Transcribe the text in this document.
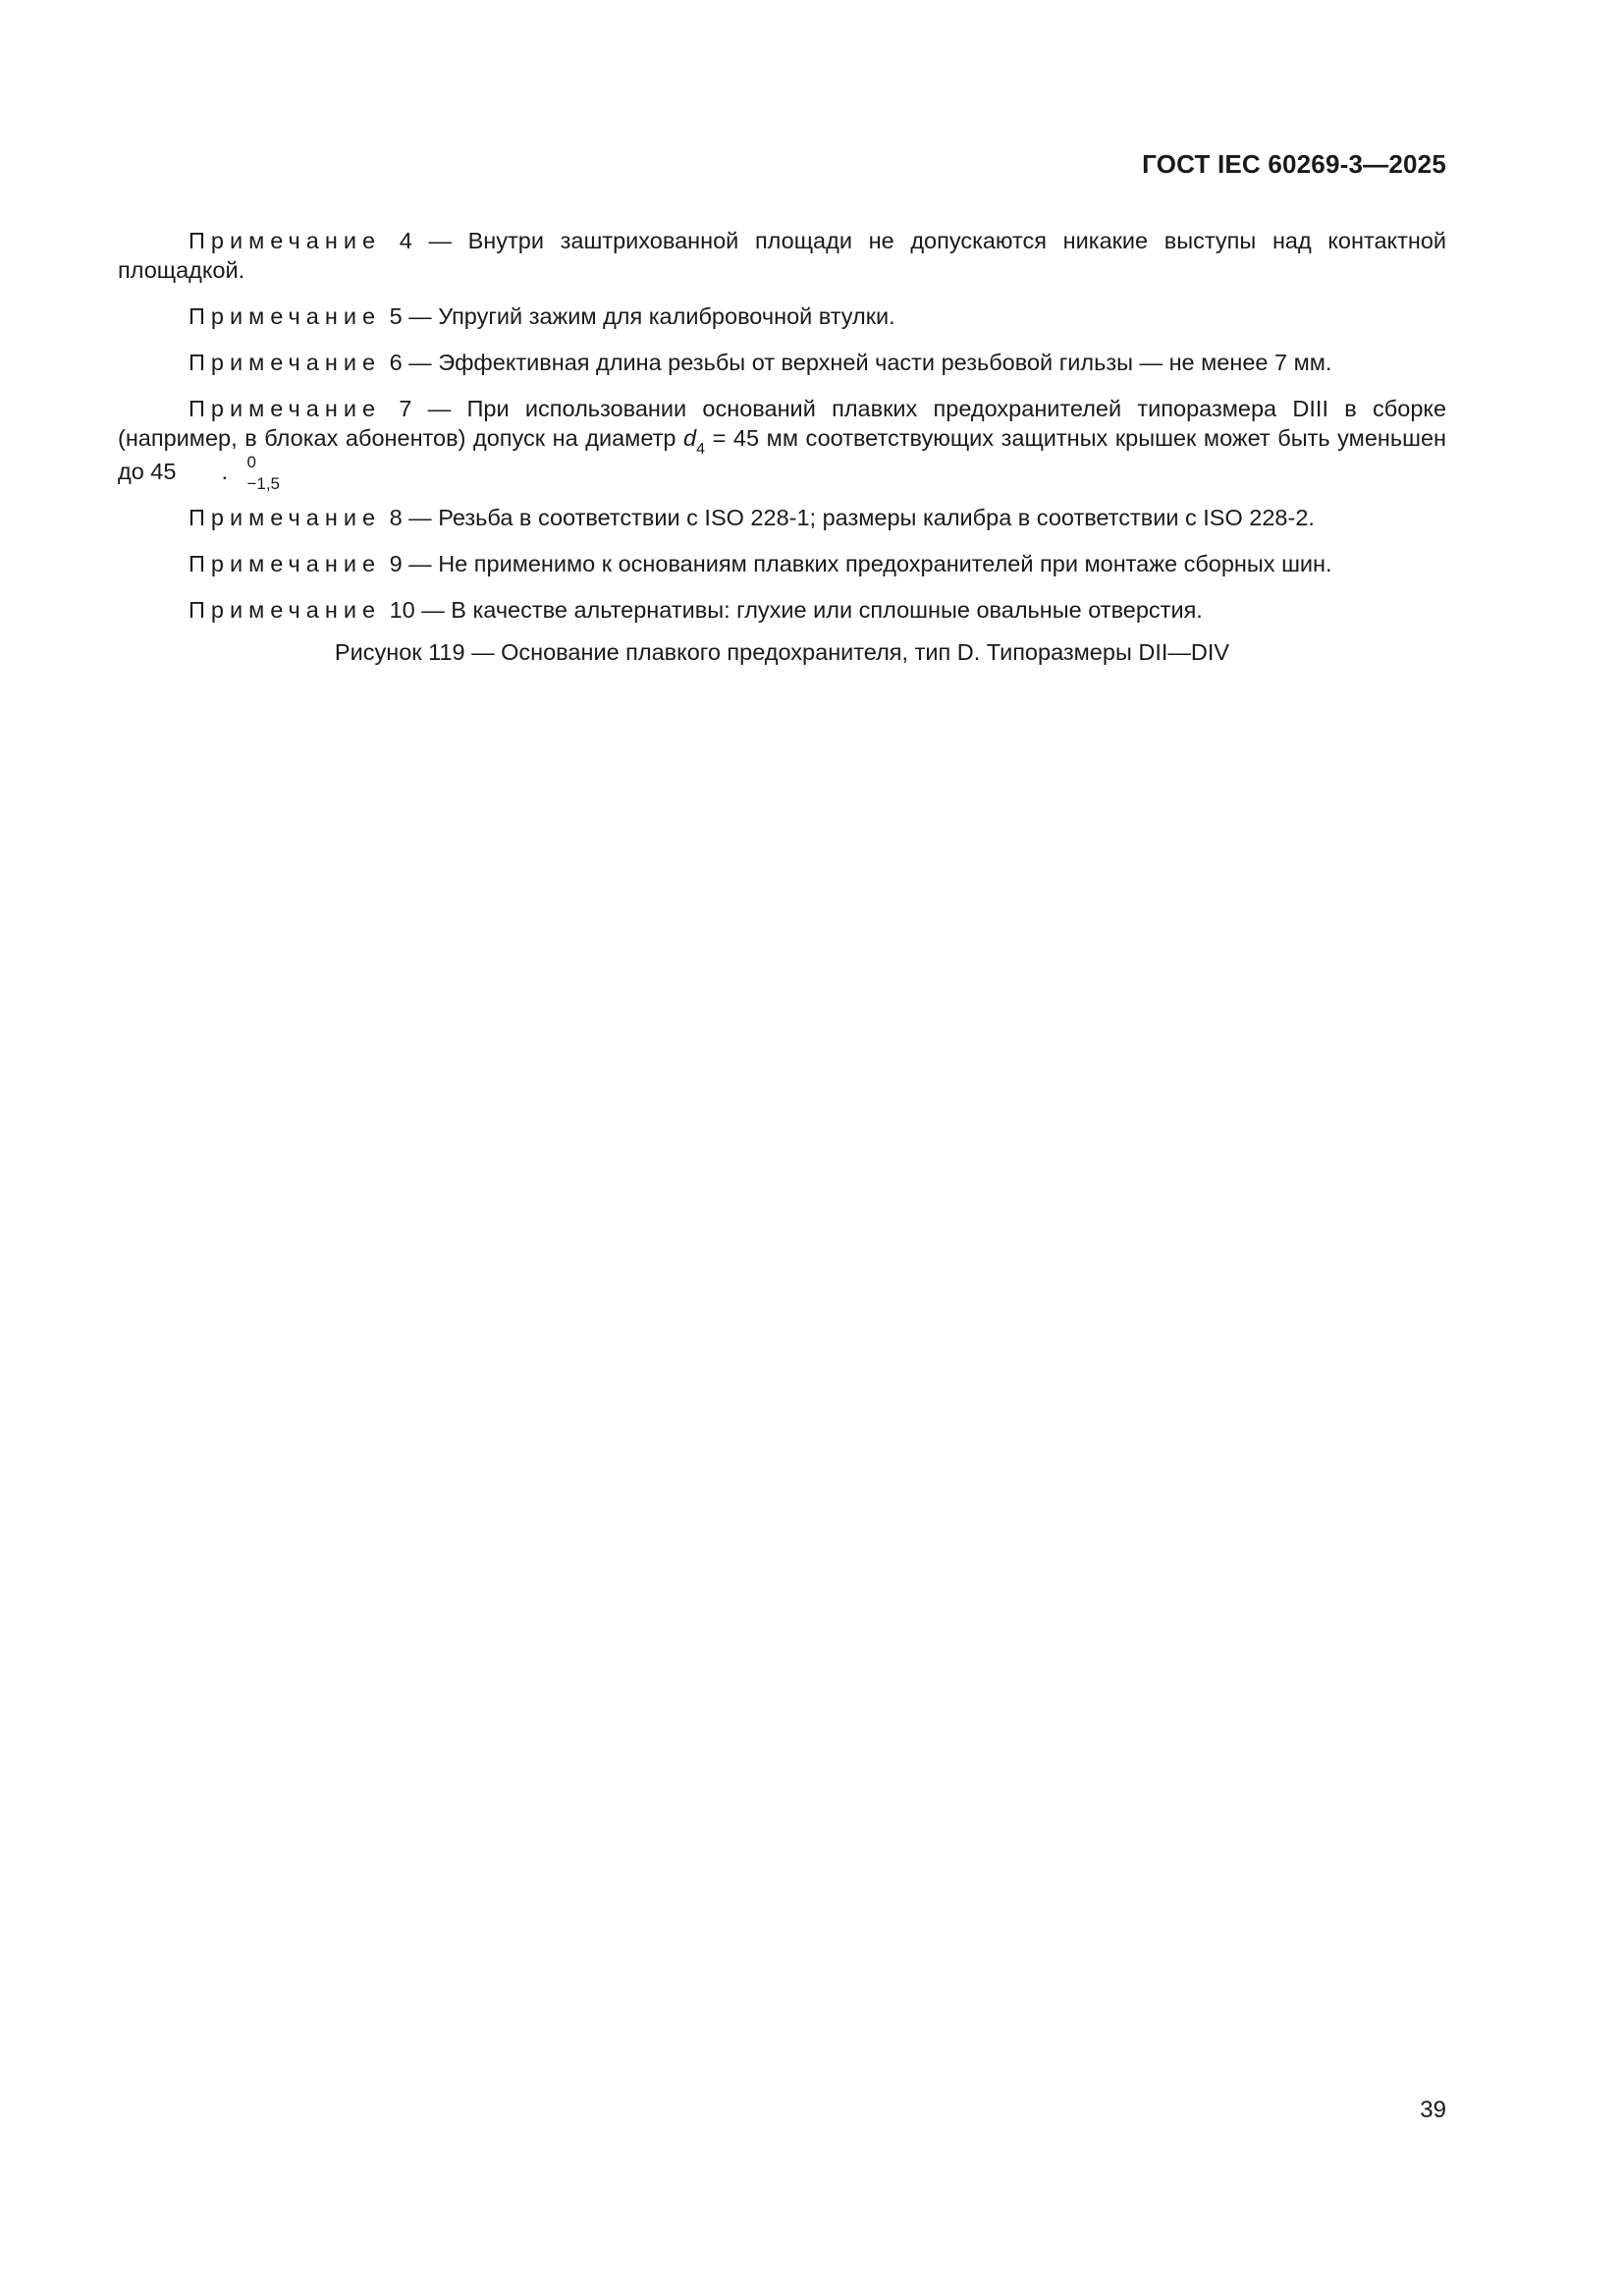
ГОСТ IEC 60269-3—2025

Примечание 4 — Внутри заштрихованной площади не допускаются никакие выступы над контактной площадкой.

Примечание 5 — Упругий зажим для калибровочной втулки.

Примечание 6 — Эффективная длина резьбы от верхней части резьбовой гильзы — не менее 7 мм.

Примечание 7 — При использовании оснований плавких предохранителей типоразмера DIII в сборке (например, в блоках абонентов) допуск на диаметр $d_4 = 45$ мм соответствующих защитных крышек может быть уменьшен до 45	0
−1,5
.

Примечание 8 — Резьба в соответствии с ISO 228-1; размеры калибра в соответствии с ISO 228-2.

Примечание 9 — Не применимо к основаниям плавких предохранителей при монтаже сборных шин.

Примечание 10 — В качестве альтернативы: глухие или сплошные овальные отверстия.

Рисунок 119 — Основание плавкого предохранителя, тип D. Типоразмеры DII—DIV
39
